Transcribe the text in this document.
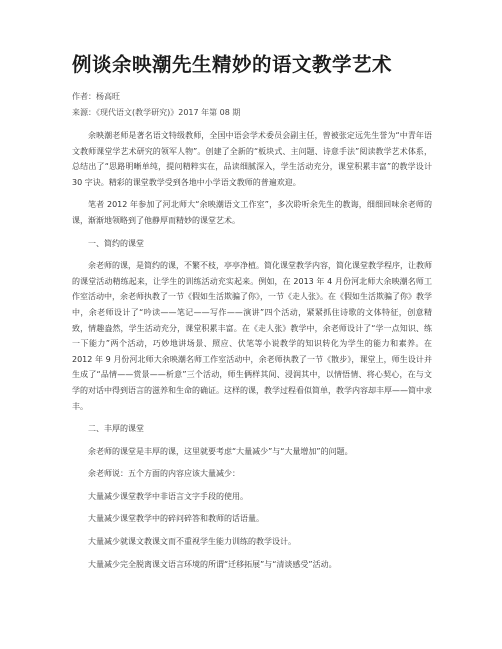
例谈余映潮先生精妙的语文教学艺术
作者：杨高旺
来源：《现代语文(教学研究)》2017 年第 08 期

余映潮老师是著名语文特级教师，全国中语会学术委员会副主任，曾被张定远先生誉为“中青年语文教师课堂学艺术研究的领军人物”。创建了全新的“板块式、主问题、诗意手法”阅读教学艺术体系，总结出了“思路明晰单纯，提问精粹实在，品读细腻深入，学生活动充分，课堂积累丰富”的教学设计 30 字诀。精彩的课堂教学受到各地中小学语文教师的普遍欢迎。

笔者 2012 年参加了河北师大“余映潮语文工作室”，多次聆听余先生的教诲，细细回味余老师的课，渐渐地领略到了他静厚而精妙的课堂艺术。

一、简约的课堂

余老师的课，是简约的课，不繁不枝，亭亭净植。简化课堂教学内容，简化课堂教学程序，让教师的课堂活动精练起来，让学生的训练活动充实起来。例如，在 2013 年 4 月份河北师大余映潮名师工作室活动中，余老师执教了一节《假如生活欺骗了你》，一节《走人张》。在《假如生活欺骗了你》教学中，余老师设计了“吟读——笔记——写作——演讲”四个活动，紧紧抓住诗歌的文体特征，创意精致，情趣盎然，学生活动充分，课堂积累丰富。在《走人张》教学中，余老师设计了“学一点知识、练一下能力”两个活动，巧妙地讲场景、照应、伏笔等小说教学的知识转化为学生的能力和素养。在 2012 年 9 月份河北师大余映潮名师工作室活动中，余老师执教了一节《散步》，课堂上，师生设计并生成了“品情——赏景——析意”三个活动，师生俩样其间、浸润其中，以情悟情、将心契心，在与文学的对话中得到语言的滋养和生命的确证。这样的课，教学过程看似简单，教学内容却丰厚——简中求丰。

二、丰厚的课堂

余老师的课堂是丰厚的课，这里就要考虑“大量减少”与“大量增加”的问题。

余老师说：五个方面的内容应该大量减少：

大量减少课堂教学中非语言文字手段的使用。

大量减少课堂教学中的碎问碎答和教师的话语量。

大量减少就课文教课文而不重视学生能力训练的教学设计。

大量减少完全脱离课文语言环境的所谓“迁移拓展”与“清谈感受”活动。
